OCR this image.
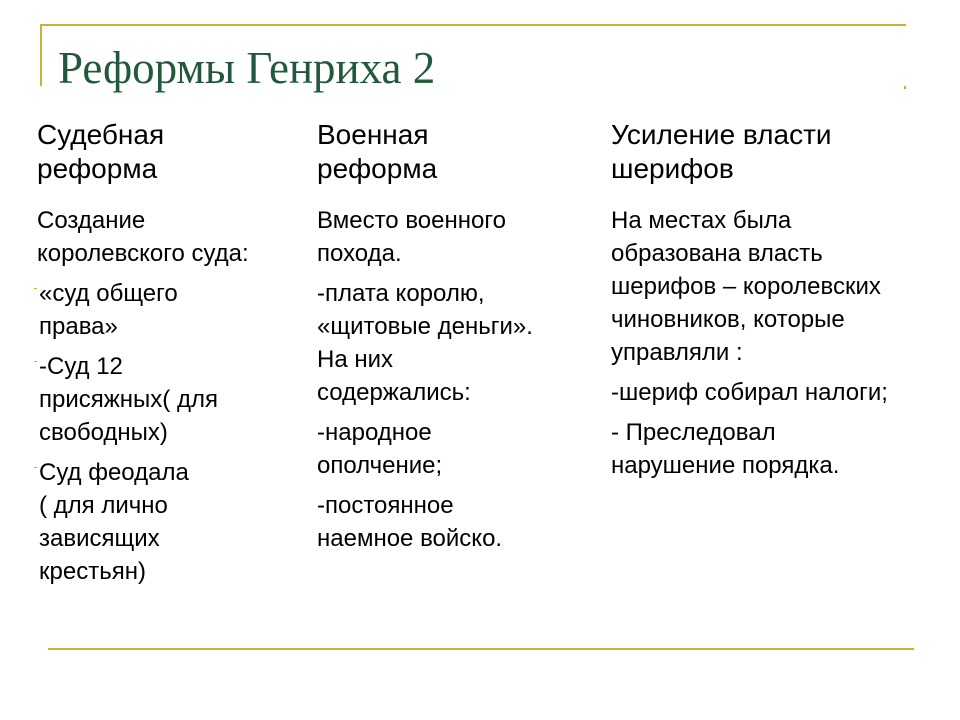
Реформы Генриха 2
Судебная
реформа
Создание
королевского суда:
«суд общего
права»
-Суд 12
присяжных( для
свободных)
Суд феодала
( для лично
зависящих
крестьян)
Военная
реформа
Вместо военного
похода.
-плата королю,
«щитовые деньги».
На них
содержались:
-народное
ополчение;
-постоянное
наемное войско.
Усиление власти
шерифов
На местах была
образована власть
шерифов – королевских
чиновников, которые
управляли :
-шериф собирал налоги;
- Преследовал
нарушение порядка.
